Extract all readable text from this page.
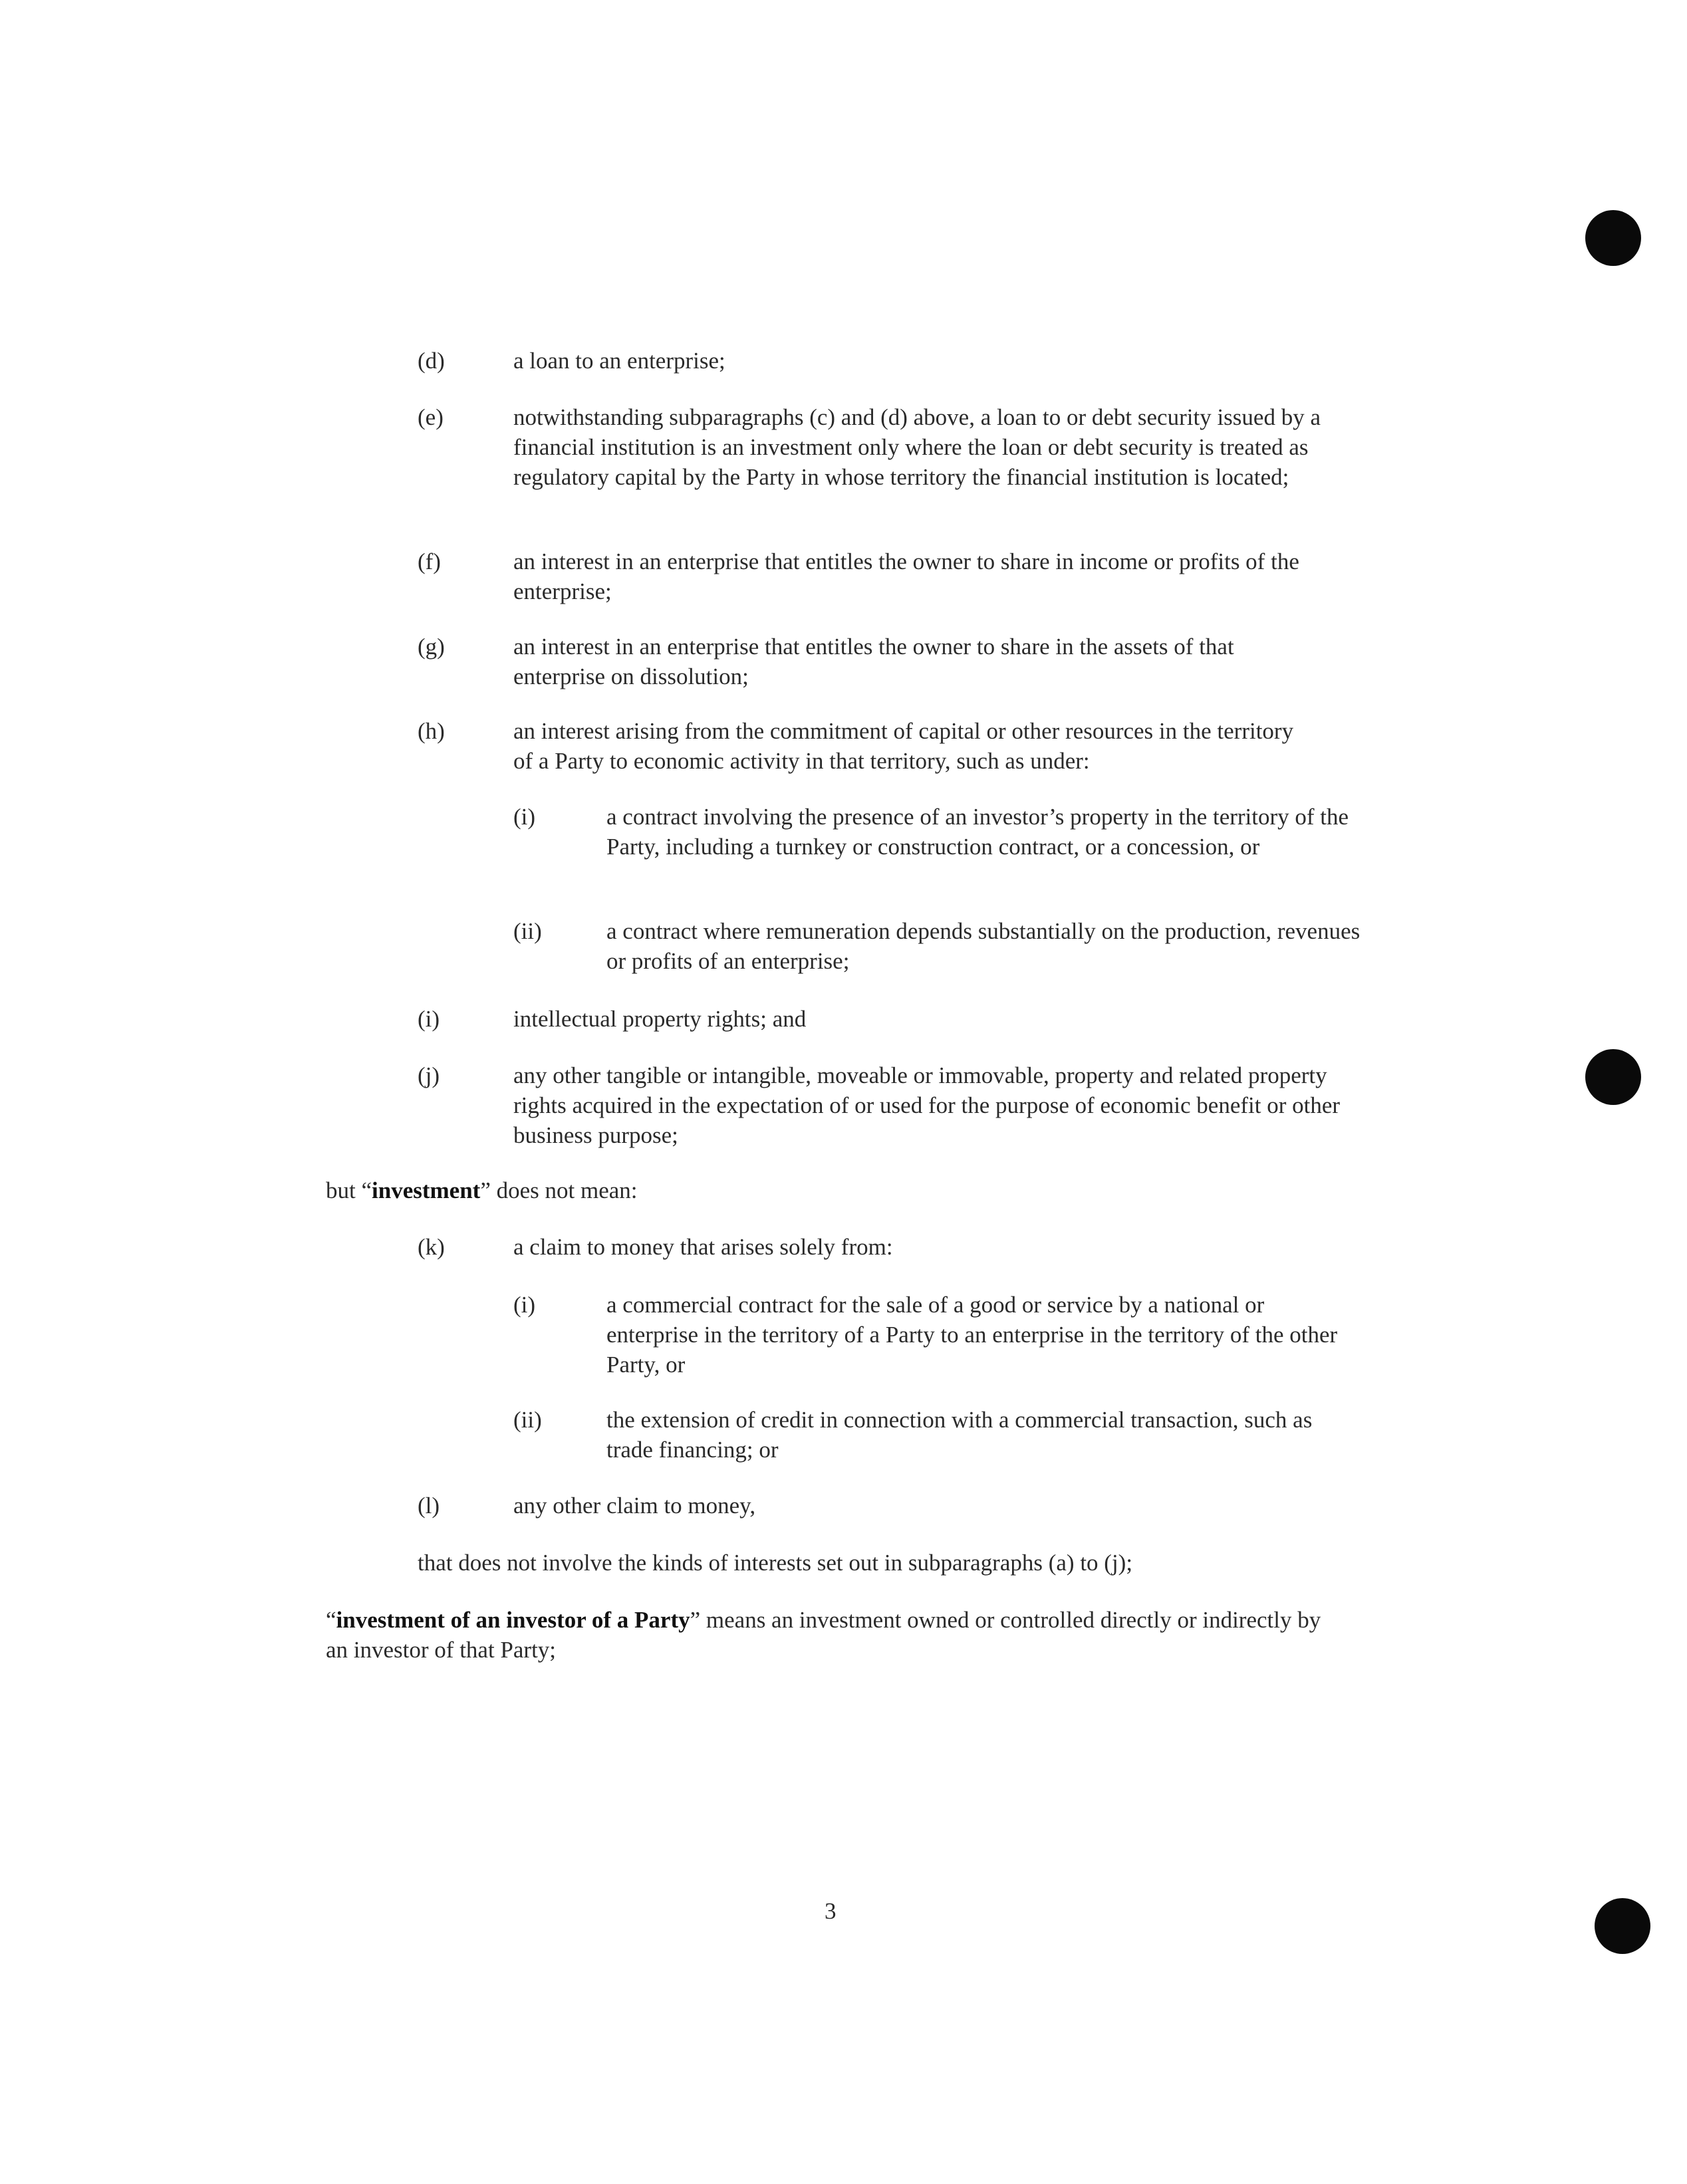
(d)	a loan to an enterprise;
(e)	notwithstanding subparagraphs (c) and (d) above, a loan to or debt security issued by a financial institution is an investment only where the loan or debt security is treated as regulatory capital by the Party in whose territory the financial institution is located;
(f)	an interest in an enterprise that entitles the owner to share in income or profits of the enterprise;
(g)	an interest in an enterprise that entitles the owner to share in the assets of that enterprise on dissolution;
(h)	an interest arising from the commitment of capital or other resources in the territory of a Party to economic activity in that territory, such as under:
(i)	a contract involving the presence of an investor’s property in the territory of the Party, including a turnkey or construction contract, or a concession, or
(ii)	a contract where remuneration depends substantially on the production, revenues or profits of an enterprise;
(i)	intellectual property rights; and
(j)	any other tangible or intangible, moveable or immovable, property and related property rights acquired in the expectation of or used for the purpose of economic benefit or other business purpose;
but “investment” does not mean:
(k)	a claim to money that arises solely from:
(i)	a commercial contract for the sale of a good or service by a national or enterprise in the territory of a Party to an enterprise in the territory of the other Party, or
(ii)	the extension of credit in connection with a commercial transaction, such as trade financing; or
(l)	any other claim to money,
that does not involve the kinds of interests set out in subparagraphs (a) to (j);
“investment of an investor of a Party” means an investment owned or controlled directly or indirectly by an investor of that Party;
3
